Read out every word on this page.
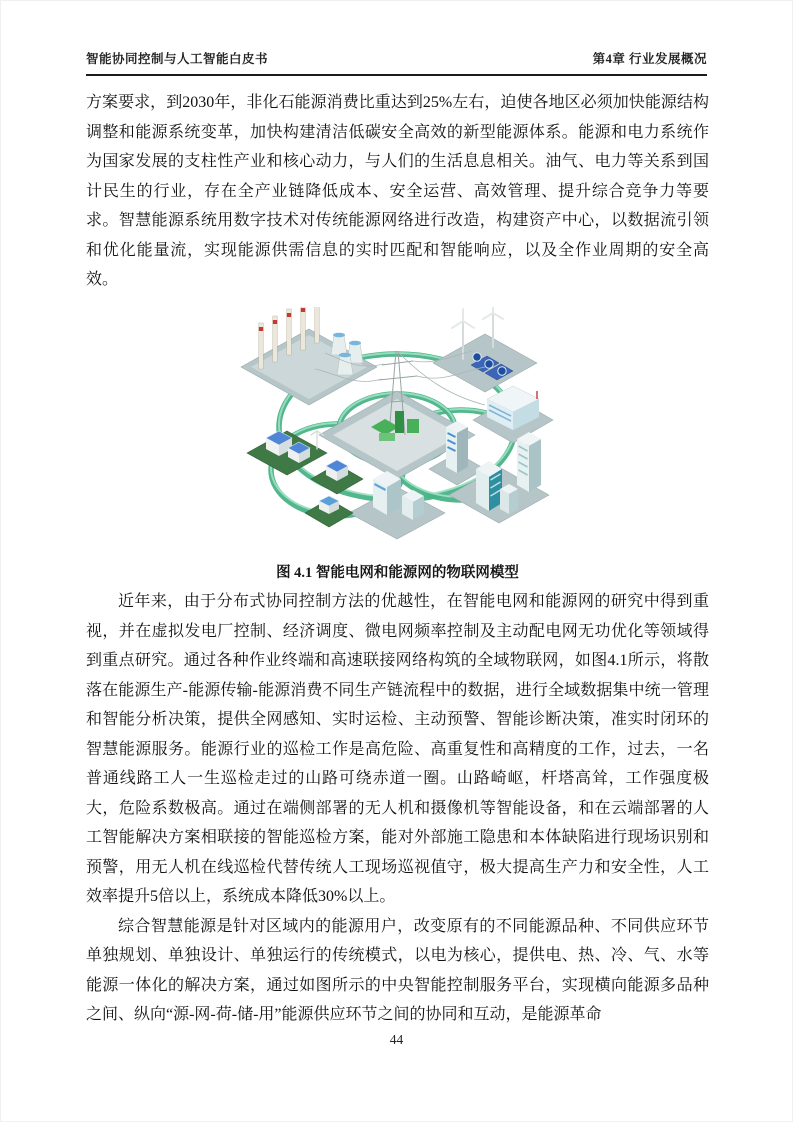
智能协同控制与人工智能白皮书	第4章 行业发展概况

方案要求，到2030年，非化石能源消费比重达到25%左右，迫使各地区必须加快能源结构调整和能源系统变革，加快构建清洁低碳安全高效的新型能源体系。能源和电力系统作为国家发展的支柱性产业和核心动力，与人们的生活息息相关。油气、电力等关系到国计民生的行业，存在全产业链降低成本、安全运营、高效管理、提升综合竞争力等要求。智慧能源系统用数字技术对传统能源网络进行改造，构建资产中心，以数据流引领和优化能量流，实现能源供需信息的实时匹配和智能响应，以及全作业周期的安全高效。

图 4.1 智能电网和能源网的物联网模型

近年来，由于分布式协同控制方法的优越性，在智能电网和能源网的研究中得到重视，并在虚拟发电厂控制、经济调度、微电网频率控制及主动配电网无功优化等领域得到重点研究。通过各种作业终端和高速联接网络构筑的全域物联网，如图4.1所示，将散落在能源生产-能源传输-能源消费不同生产链流程中的数据，进行全域数据集中统一管理和智能分析决策，提供全网感知、实时运检、主动预警、智能诊断决策，准实时闭环的智慧能源服务。能源行业的巡检工作是高危险、高重复性和高精度的工作，过去，一名普通线路工人一生巡检走过的山路可绕赤道一圈。山路崎岖，杆塔高耸，工作强度极大，危险系数极高。通过在端侧部署的无人机和摄像机等智能设备，和在云端部署的人工智能解决方案相联接的智能巡检方案，能对外部施工隐患和本体缺陷进行现场识别和预警，用无人机在线巡检代替传统人工现场巡视值守，极大提高生产力和安全性，人工效率提升5倍以上，系统成本降低30%以上。

综合智慧能源是针对区域内的能源用户，改变原有的不同能源品种、不同供应环节单独规划、单独设计、单独运行的传统模式，以电为核心，提供电、热、冷、气、水等能源一体化的解决方案，通过如图所示的中央智能控制服务平台，实现横向能源多品种之间、纵向“源-网-荷-储-用”能源供应环节之间的协同和互动，是能源革命

44
